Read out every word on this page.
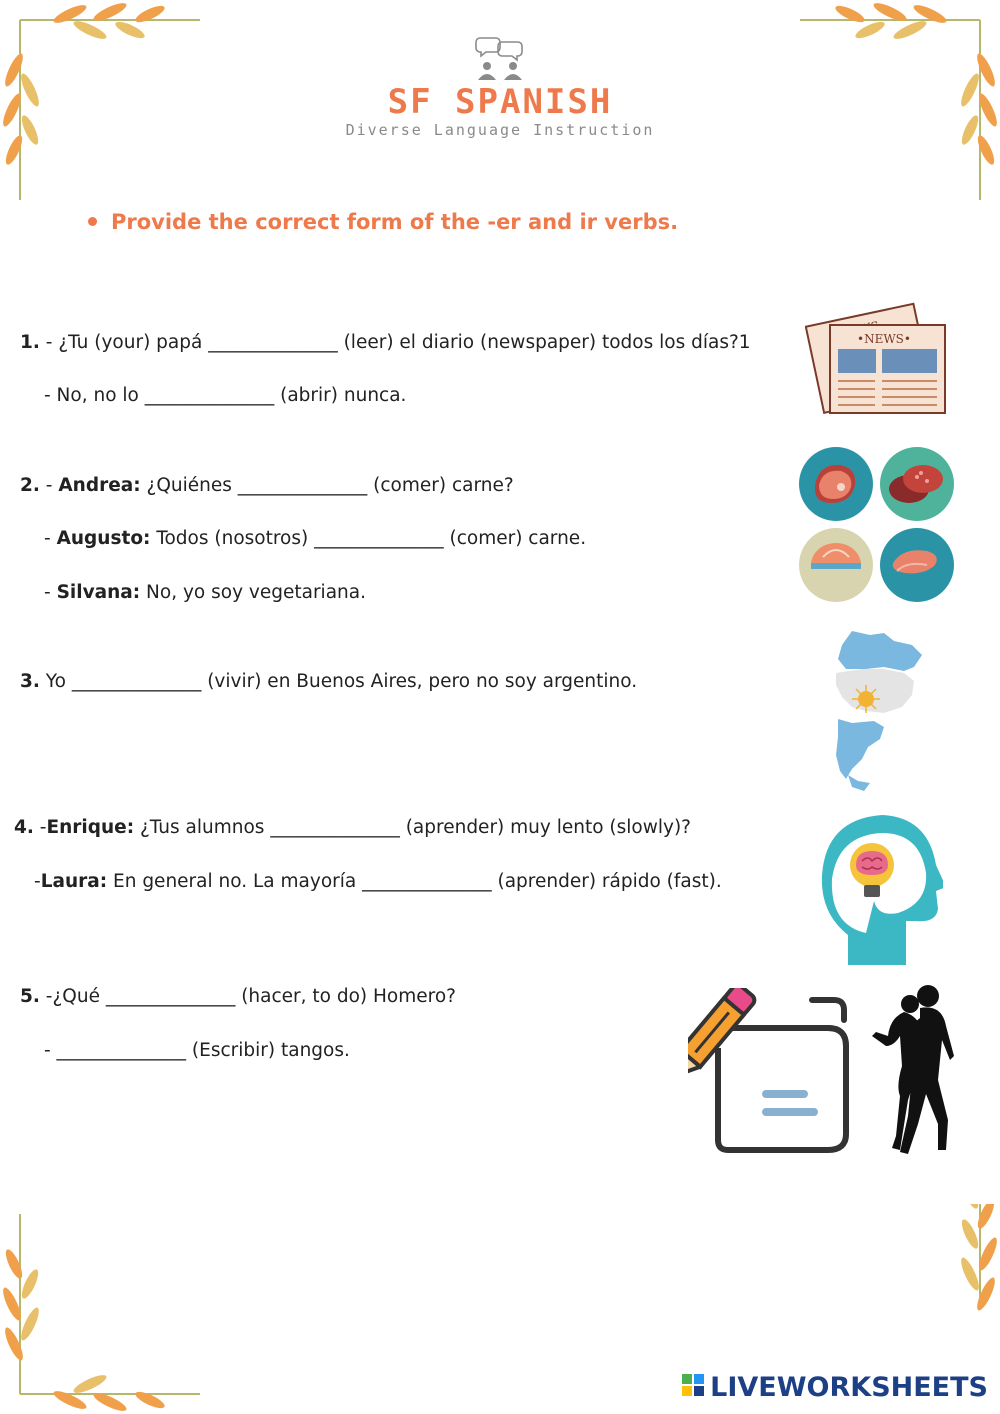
SF SPANISH
Diverse Language Instruction
Provide the correct form of the -er and ir verbs.
1. - ¿Tu (your) papá ______________ (leer) el diario (newspaper) todos los días?1
- No, no lo ______________ (abrir) nunca.
2. - Andrea: ¿Quiénes ______________ (comer) carne?
- Augusto: Todos (nosotros) ______________ (comer) carne.
- Silvana: No, yo soy vegetariana.
3. Yo ______________ (vivir) en Buenos Aires, pero no soy argentino.
4. -Enrique: ¿Tus alumnos ______________ (aprender) muy lento (slowly)?
-Laura: En general no. La mayoría ______________ (aprender) rápido (fast).
5. -¿Qué ______________ (hacer, to do) Homero?
- ______________ (Escribir) tangos.
•NEWS•
LIVEWORKSHEETS
